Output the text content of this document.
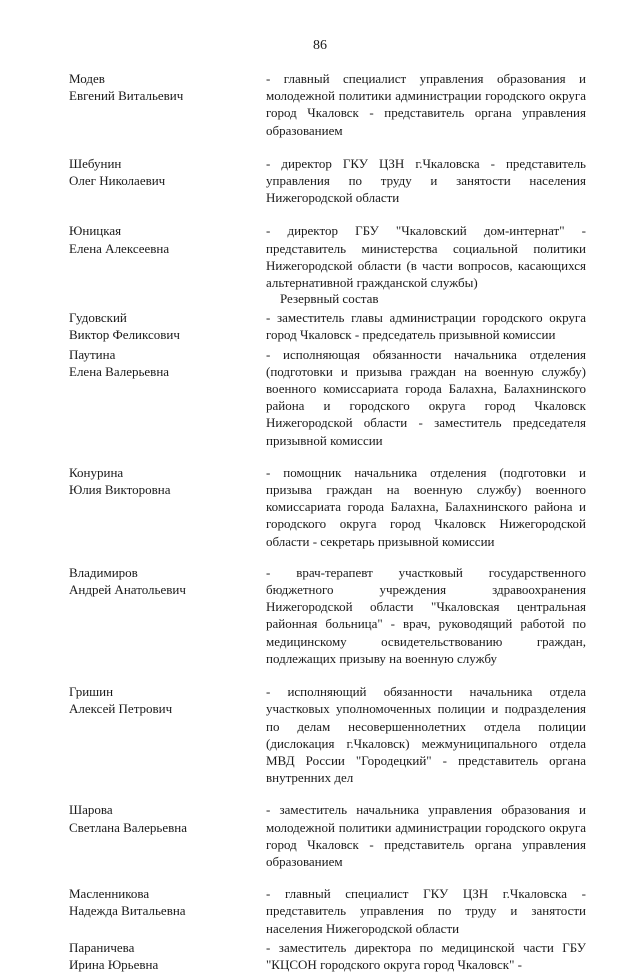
86
Модев
Евгений Витальевич
- главный специалист управления образования и молодежной политики администрации городского округа город Чкаловск - представитель органа управления образованием
Шебунин
Олег Николаевич
- директор ГКУ ЦЗН г.Чкаловска - представитель управления по труду и занятости населения Нижегородской области
Юницкая
Елена Алексеевна
- директор ГБУ "Чкаловский дом-интернат" - представитель министерства социальной политики Нижегородской области (в части вопросов, касающихся альтернативной гражданской службы)
Резервный состав
Гудовский
Виктор Феликсович
- заместитель главы администрации городского округа город Чкаловск - председатель призывной комиссии
Паутина
Елена Валерьевна
- исполняющая обязанности начальника отделения (подготовки и призыва граждан на военную службу) военного комиссариата города Балахна, Балахнинского района и городского округа город Чкаловск Нижегородской области - заместитель председателя призывной комиссии
Конурина
Юлия Викторовна
- помощник начальника отделения (подготовки и призыва граждан на военную службу) военного комиссариата города Балахна, Балахнинского района и городского округа город Чкаловск Нижегородской области - секретарь призывной комиссии
Владимиров
Андрей Анатольевич
- врач-терапевт участковый государственного бюджетного учреждения здравоохранения Нижегородской области "Чкаловская центральная районная больница" - врач, руководящий работой по медицинскому освидетельствованию граждан, подлежащих призыву на военную службу
Гришин
Алексей Петрович
- исполняющий обязанности начальника отдела участковых уполномоченных полиции и подразделения по делам несовершеннолетних отдела полиции (дислокация г.Чкаловск) межмуниципального отдела МВД России "Городецкий" - представитель органа внутренних дел
Шарова
Светлана Валерьевна
- заместитель начальника управления образования и молодежной политики администрации городского округа город Чкаловск - представитель органа управления образованием
Масленникова
Надежда Витальевна
- главный специалист ГКУ ЦЗН г.Чкаловска - представитель управления по труду и занятости населения Нижегородской области
Параничева
Ирина Юрьевна
- заместитель директора по медицинской части ГБУ "КЦСОН городского округа город Чкаловск" -
